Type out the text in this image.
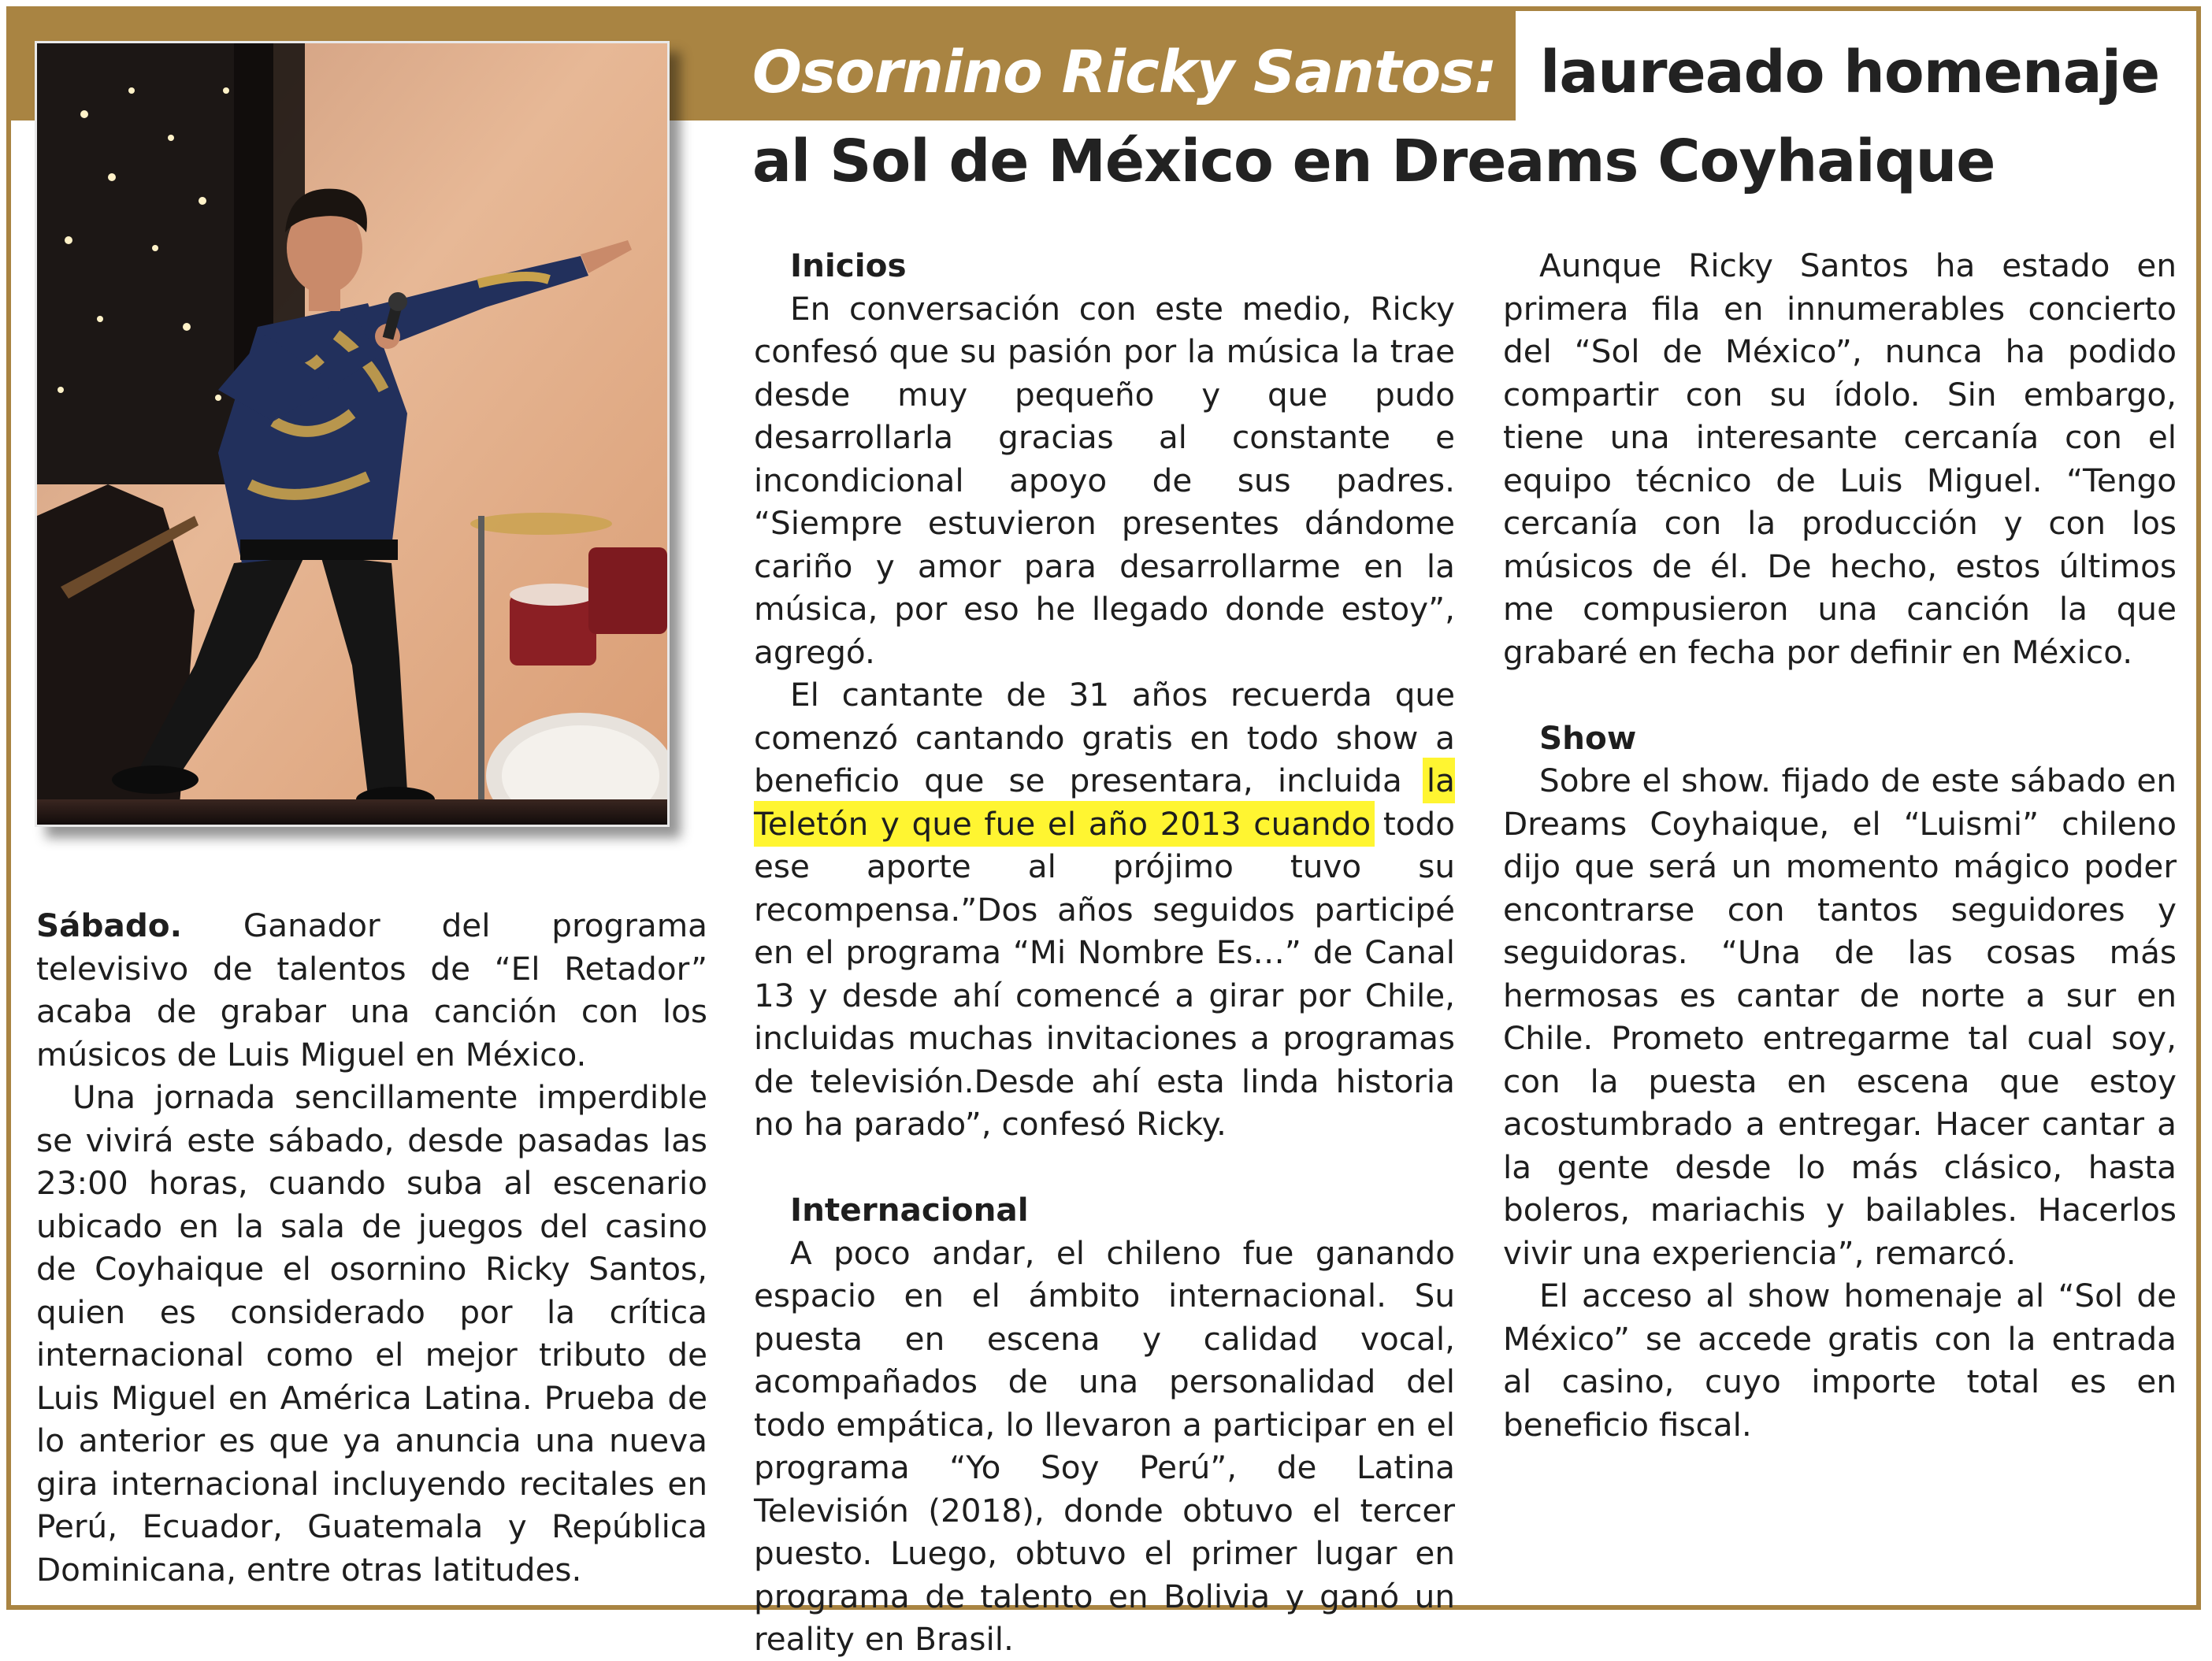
Osornino Ricky Santos: laureado homenaje
al Sol de México en Dreams Coyhaique

Sábado. Ganador del programa televisivo de talentos de “El Retador” acaba de grabar una canción con los músicos de Luis Miguel en México.

Una jornada sencillamente imperdible se vivirá este sábado, desde pasadas las 23:00 horas, cuando suba al escenario ubicado en la sala de juegos del casino de Coyhaique el osornino Ricky Santos, quien es considerado por la crítica internacional como el mejor tributo de Luis Miguel en América Latina. Prueba de lo anterior es que ya anuncia una nueva gira internacional incluyendo recitales en Perú, Ecuador, Guatemala y República Dominicana, entre otras latitudes.

Inicios

En conversación con este medio, Ricky confesó que su pasión por la música la trae desde muy pequeño y que pudo desarrollarla gracias al constante e incondicional apoyo de sus padres. “Siempre estuvieron presentes dándome cariño y amor para desarrollarme en la música, por eso he llegado donde estoy”, agregó.

El cantante de 31 años recuerda que comenzó cantando gratis en todo show a beneficio que se presentara, incluida la Teletón y que fue el año 2013 cuando todo ese aporte al prójimo tuvo su recompensa.”Dos años seguidos participé en el programa “Mi Nombre Es…” de Canal 13 y desde ahí comencé a girar por Chile, incluidas muchas invitaciones a programas de televisión.Desde ahí esta linda historia no ha parado”, confesó Ricky.

Internacional

A poco andar, el chileno fue ganando espacio en el ámbito internacional. Su puesta en escena y calidad vocal, acompañados de una personalidad del todo empática, lo llevaron a participar en el programa “Yo Soy Perú”, de Latina Televisión (2018), donde obtuvo el tercer puesto. Luego, obtuvo el primer lugar en programa de talento en Bolivia y ganó un reality en Brasil.

Aunque Ricky Santos ha estado en primera fila en innumerables concierto del “Sol de México”, nunca ha podido compartir con su ídolo. Sin embargo, tiene una interesante cercanía con el equipo técnico de Luis Miguel. “Tengo cercanía con la producción y con los músicos de él. De hecho, estos últimos me compusieron una canción la que grabaré en fecha por definir en México.

Show

Sobre el show. fijado de este sábado en Dreams Coyhaique, el “Luismi” chileno dijo que será un momento mágico poder encontrarse con tantos seguidores y seguidoras. “Una de las cosas más hermosas es cantar de norte a sur en Chile. Prometo entregarme tal cual soy, con la puesta en escena que estoy acostumbrado a entregar. Hacer cantar a la gente desde lo más clásico, hasta boleros, mariachis y bailables. Hacerlos vivir una experiencia”, remarcó.

El acceso al show homenaje al “Sol de México” se accede gratis con la entrada al casino, cuyo importe total es en beneficio fiscal.
